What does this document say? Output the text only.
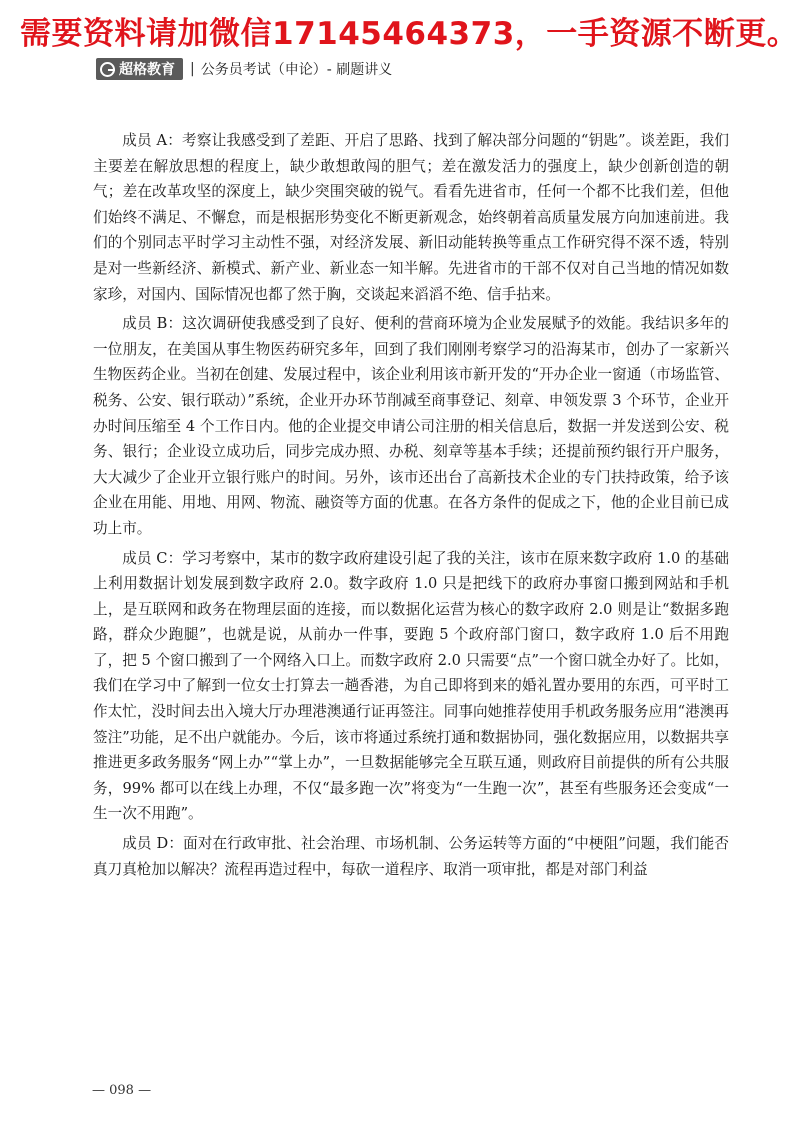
需要资料请加微信17145464373，一手资源不断更。
超格教育 | 公务员考试（申论）- 刷题讲义

成员 A：考察让我感受到了差距、开启了思路、找到了解决部分问题的“钥匙”。谈差距，我们主要差在解放思想的程度上，缺少敢想敢闯的胆气；差在激发活力的强度上，缺少创新创造的朝气；差在改革攻坚的深度上，缺少突围突破的锐气。看看先进省市，任何一个都不比我们差，但他们始终不满足、不懈怠，而是根据形势变化不断更新观念，始终朝着高质量发展方向加速前进。我们的个别同志平时学习主动性不强，对经济发展、新旧动能转换等重点工作研究得不深不透，特别是对一些新经济、新模式、新产业、新业态一知半解。先进省市的干部不仅对自己当地的情况如数家珍，对国内、国际情况也都了然于胸，交谈起来滔滔不绝、信手拈来。

成员 B：这次调研使我感受到了良好、便利的营商环境为企业发展赋予的效能。我结识多年的一位朋友，在美国从事生物医药研究多年，回到了我们刚刚考察学习的沿海某市，创办了一家新兴生物医药企业。当初在创建、发展过程中，该企业利用该市新开发的“开办企业一窗通（市场监管、税务、公安、银行联动）”系统，企业开办环节削减至商事登记、刻章、申领发票 3 个环节，企业开办时间压缩至 4 个工作日内。他的企业提交申请公司注册的相关信息后，数据一并发送到公安、税务、银行；企业设立成功后，同步完成办照、办税、刻章等基本手续；还提前预约银行开户服务，大大减少了企业开立银行账户的时间。另外，该市还出台了高新技术企业的专门扶持政策，给予该企业在用能、用地、用网、物流、融资等方面的优惠。在各方条件的促成之下，他的企业目前已成功上市。

成员 C：学习考察中，某市的数字政府建设引起了我的关注，该市在原来数字政府 1.0 的基础上利用数据计划发展到数字政府 2.0。数字政府 1.0 只是把线下的政府办事窗口搬到网站和手机上，是互联网和政务在物理层面的连接，而以数据化运营为核心的数字政府 2.0 则是让“数据多跑路，群众少跑腿”，也就是说，从前办一件事，要跑 5 个政府部门窗口，数字政府 1.0 后不用跑了，把 5 个窗口搬到了一个网络入口上。而数字政府 2.0 只需要“点”一个窗口就全办好了。比如，我们在学习中了解到一位女士打算去一趟香港，为自己即将到来的婚礼置办要用的东西，可平时工作太忙，没时间去出入境大厅办理港澳通行证再签注。同事向她推荐使用手机政务服务应用“港澳再签注”功能，足不出户就能办。今后，该市将通过系统打通和数据协同，强化数据应用，以数据共享推进更多政务服务“网上办”“掌上办”，一旦数据能够完全互联互通，则政府目前提供的所有公共服务，99% 都可以在线上办理，不仅“最多跑一次”将变为“一生跑一次”，甚至有些服务还会变成“一生一次不用跑”。

成员 D：面对在行政审批、社会治理、市场机制、公务运转等方面的“中梗阻”问题，我们能否真刀真枪加以解决？流程再造过程中，每砍一道程序、取消一项审批，都是对部门利益

— 098 —
